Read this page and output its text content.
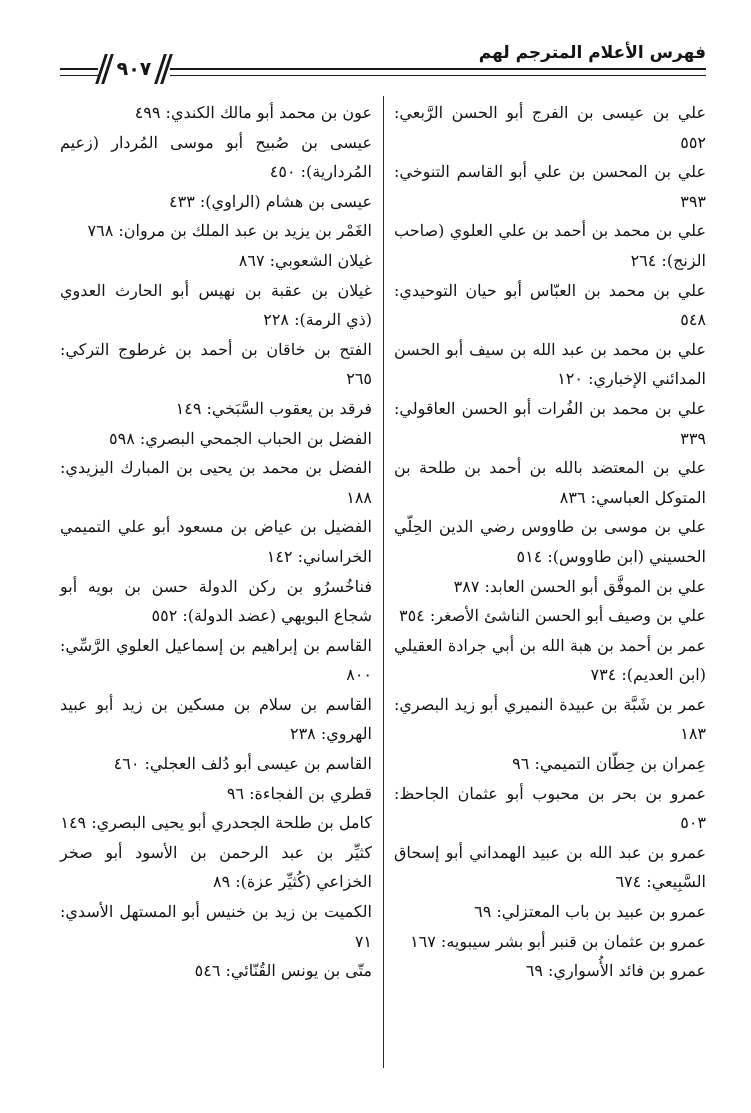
فهرس الأعلام المترجم لهم
٩٠٧
علي بن عيسى بن الفرج أبو الحسن الرَّبعي: ٥٥٢
علي بن المحسن بن علي أبو القاسم التنوخي: ٣٩٣
علي بن محمد بن أحمد بن علي العلوي (صاحب الزنج): ٢٦٤
علي بن محمد بن العبّاس أبو حيان التوحيدي: ٥٤٨
علي بن محمد بن عبد الله بن سيف أبو الحسن المدائني الإخباري: ١٢٠
علي بن محمد بن الفُرات أبو الحسن العاقولي: ٣٣٩
علي بن المعتضد بالله بن أحمد بن طلحة بن المتوكل العباسي: ٨٣٦
علي بن موسى بن طاووس رضي الدين الحِلّي الحسيني (ابن طاووس): ٥١٤
علي بن الموفَّق أبو الحسن العابد: ٣٨٧
علي بن وصيف أبو الحسن الناشئ الأصغر: ٣٥٤
عمر بن أحمد بن هبة الله بن أبي جرادة العقيلي (ابن العديم): ٧٣٤
عمر بن شَبَّة بن عبيدة النميري أبو زيد البصري: ١٨٣
عِمران بن حِطّان التميمي: ٩٦
عمرو بن بحر بن محبوب أبو عثمان الجاحظ: ٥٠٣
عمرو بن عبد الله بن عبيد الهمداني أبو إسحاق السَّبِيعي: ٦٧٤
عمرو بن عبيد بن باب المعتزلي: ٦٩
عمرو بن عثمان بن قنبر أبو بشر سيبويه: ١٦٧
عمرو بن فائد الأُسواري: ٦٩
عون بن محمد أبو مالك الكندي: ٤٩٩
عيسى بن صُبيح أبو موسى المُردار (زعيم المُردارية): ٤٥٠
عيسى بن هشام (الراوي): ٤٣٣
الغَمْر بن يزيد بن عبد الملك بن مروان: ٧٦٨
غيلان الشعوبي: ٨٦٧
غيلان بن عقبة بن نهيس أبو الحارث العدوي (ذي الرمة): ٢٢٨
الفتح بن خاقان بن أحمد بن غرطوج التركي: ٢٦٥
فرقد بن يعقوب السَّبَخي: ١٤٩
الفضل بن الحباب الجمحي البصري: ٥٩٨
الفضل بن محمد بن يحيى بن المبارك اليزيدي: ١٨٨
الفضيل بن عياض بن مسعود أبو علي التميمي الخراساني: ١٤٢
فناخُسرُو بن ركن الدولة حسن بن بويه أبو شجاع البويهي (عضد الدولة): ٥٥٢
القاسم بن إبراهيم بن إسماعيل العلوي الرَّسِّي: ٨٠٠
القاسم بن سلام بن مسكين بن زيد أبو عبيد الهروي: ٢٣٨
القاسم بن عيسى أبو دُلف العجلي: ٤٦٠
قطري بن الفجاءة: ٩٦
كامل بن طلحة الجحدري أبو يحيى البصري: ١٤٩
كثيِّر بن عبد الرحمن بن الأسود أبو صخر الخزاعي (كُثيِّر عزة): ٨٩
الكميت بن زيد بن خنيس أبو المستهل الأسدي: ٧١
متّى بن يونس القُنّائي: ٥٤٦
